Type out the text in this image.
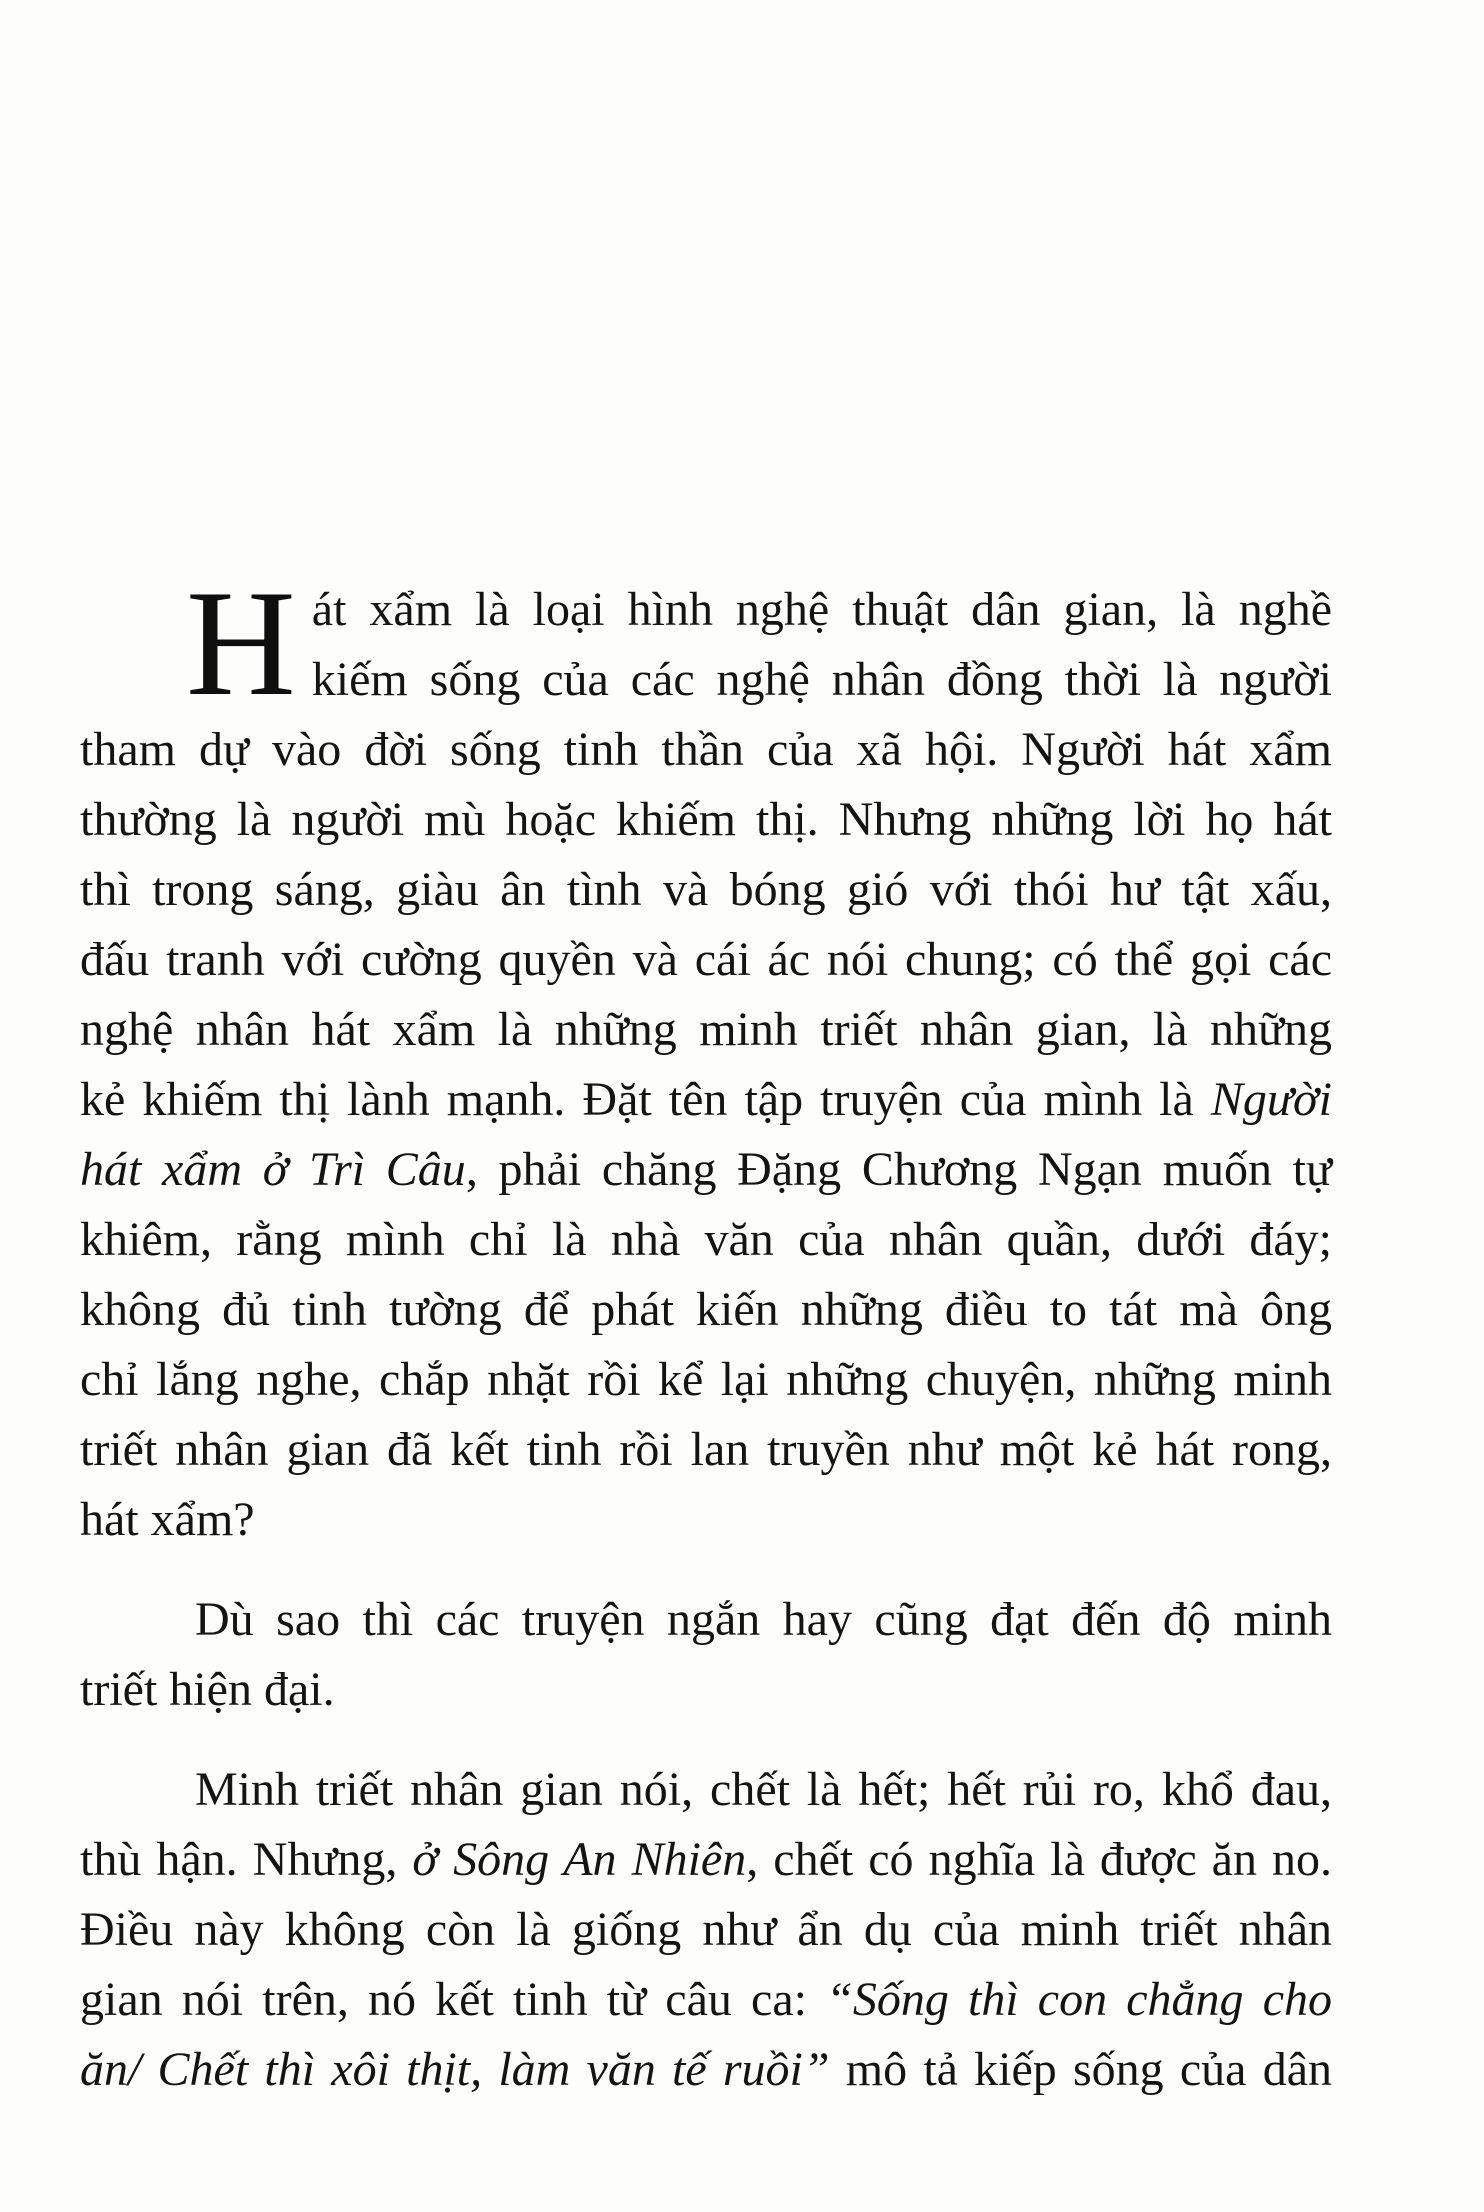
H át xẩm là loại hình nghệ thuật dân gian, là nghề
kiếm sống của các nghệ nhân đồng thời là người
tham dự vào đời sống tinh thần của xã hội. Người hát xẩm
thường là người mù hoặc khiếm thị. Nhưng những lời họ hát
thì trong sáng, giàu ân tình và bóng gió với thói hư tật xấu,
đấu tranh với cường quyền và cái ác nói chung; có thể gọi các
nghệ nhân hát xẩm là những minh triết nhân gian, là những
kẻ khiếm thị lành mạnh. Đặt tên tập truyện của mình là Người
hát xẩm ở Trì Câu, phải chăng Đặng Chương Ngạn muốn tự
khiêm, rằng mình chỉ là nhà văn của nhân quần, dưới đáy;
không đủ tinh tường để phát kiến những điều to tát mà ông
chỉ lắng nghe, chắp nhặt rồi kể lại những chuyện, những minh
triết nhân gian đã kết tinh rồi lan truyền như một kẻ hát rong,
hát xẩm?
Dù sao thì các truyện ngắn hay cũng đạt đến độ minh
triết hiện đại.
Minh triết nhân gian nói, chết là hết; hết rủi ro, khổ đau,
thù hận. Nhưng, ở Sông An Nhiên, chết có nghĩa là được ăn no.
Điều này không còn là giống như ẩn dụ của minh triết nhân
gian nói trên, nó kết tinh từ câu ca: “Sống thì con chẳng cho
ăn/ Chết thì xôi thịt, làm văn tế ruồi” mô tả kiếp sống của dân
